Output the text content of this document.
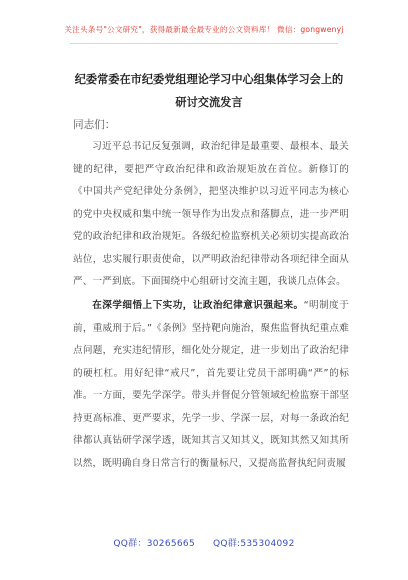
关注头条号"公文研究"，获得最新最全最专业的公文资料库！ 微信：gongwenyj
纪委常委在市纪委党组理论学习中心组集体学习会上的研讨交流发言
同志们：
习近平总书记反复强调，政治纪律是最重要、最根本、最关键的纪律，要把严守政治纪律和政治规矩放在首位。新修订的《中国共产党纪律处分条例》，把坚决维护以习近平同志为核心的党中央权威和集中统一领导作为出发点和落脚点，进一步严明党的政治纪律和政治规矩。各级纪检监察机关必须切实提高政治站位，忠实履行职责使命，以严明政治纪律带动各项纪律全面从严、一严到底。下面围绕中心组研讨交流主题，我谈几点体会。
在深学细悟上下实功，让政治纪律意识强起来。“明制度于前，重威刑于后。”《条例》坚持靶向施治，聚焦监督执纪重点难点问题，充实违纪情形，细化处分规定，进一步划出了政治纪律的硬杠杠。用好纪律“戒尺”，首先要让党员干部明确“严”的标准。一方面，要先学深学。带头并督促分管领域纪检监察干部坚持更高标准、更严要求，先学一步、学深一层，对每一条政治纪律都认真钻研学深学透，既知其言又知其义，既知其然又知其所以然，既明确自身日常言行的衡量标尺，又提高监督执纪问责履
QQ群：30265665 QQ群:535304092
